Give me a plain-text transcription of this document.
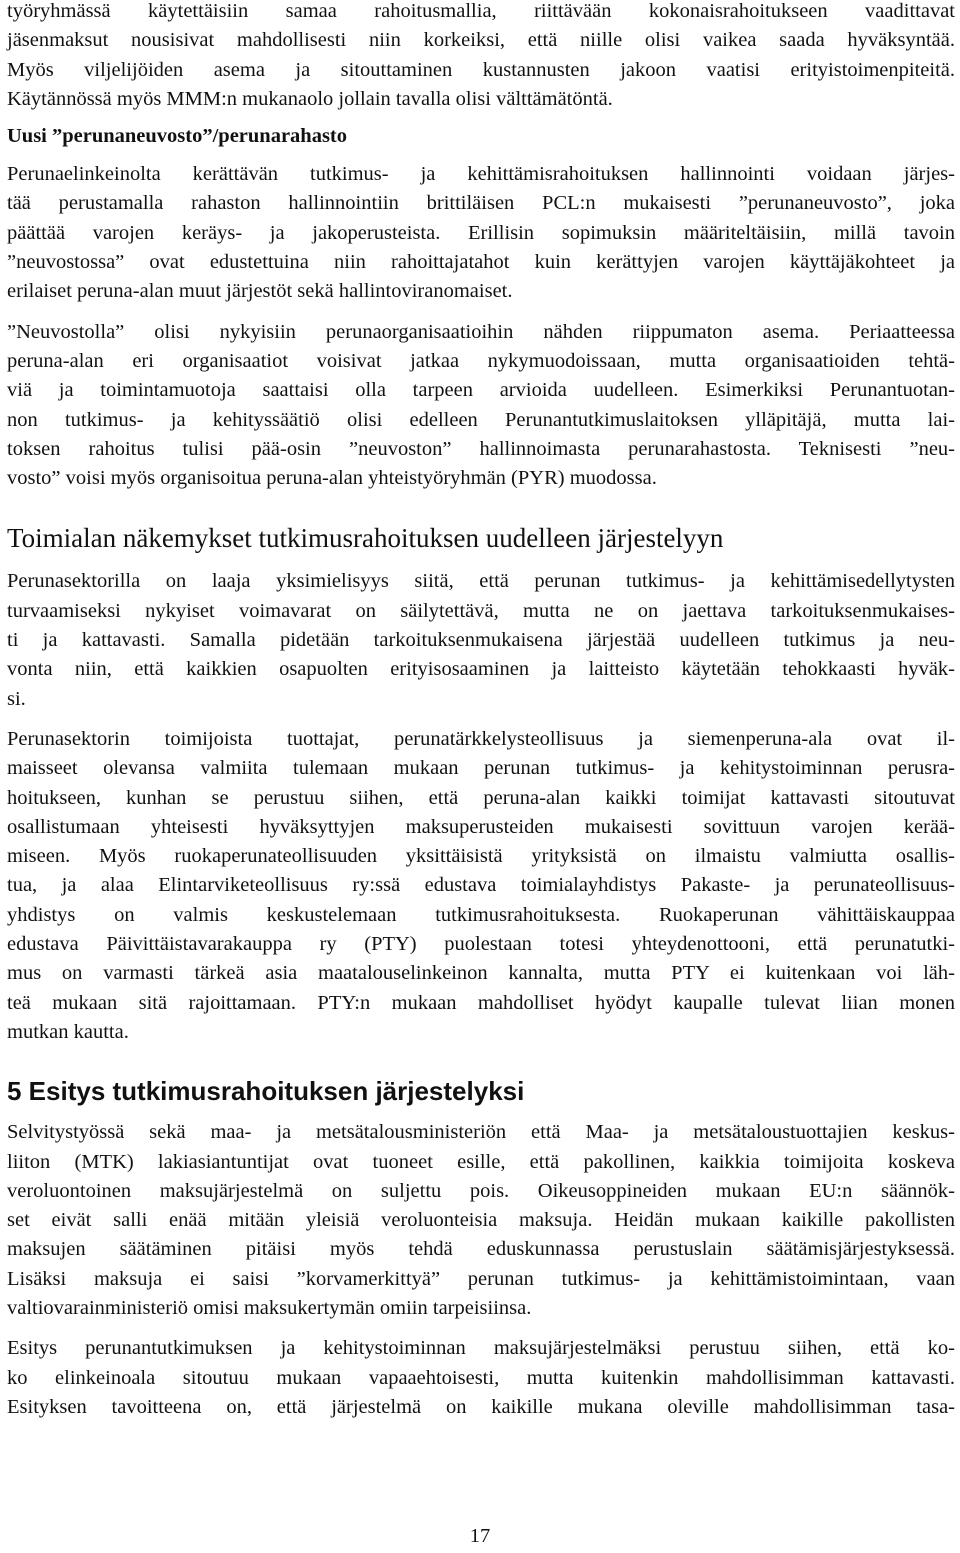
työryhmässä käytettäisiin samaa rahoitusmallia, riittävään kokonaisrahoitukseen vaadittavat
jäsenmaksut nousisivat mahdollisesti niin korkeiksi, että niille olisi vaikea saada hyväksyntää.
Myös viljelijöiden asema ja sitouttaminen kustannusten jakoon vaatisi erityistoimenpiteitä.
Käytännössä myös MMM:n mukanaolo jollain tavalla olisi välttämätöntä.
Uusi ”perunaneuvosto”/perunarahasto
Perunaelinkeinolta kerättävän tutkimus- ja kehittämisrahoituksen hallinnointi voidaan järjes-
tää perustamalla rahaston hallinnointiin brittiläisen PCL:n mukaisesti ”perunaneuvosto”, joka
päättää varojen keräys- ja jakoperusteista. Erillisin sopimuksin määriteltäisiin, millä tavoin
”neuvostossa” ovat edustettuina niin rahoittajatahot kuin kerättyjen varojen käyttäjäkohteet ja
erilaiset peruna-alan muut järjestöt sekä hallintoviranomaiset.
”Neuvostolla” olisi nykyisiin perunaorganisaatioihin nähden riippumaton asema. Periaatteessa
peruna-alan eri organisaatiot voisivat jatkaa nykymuodoissaan, mutta organisaatioiden tehtä-
viä ja toimintamuotoja saattaisi olla tarpeen arvioida uudelleen. Esimerkiksi Perunantuotan-
non tutkimus- ja kehityssäätiö olisi edelleen Perunantutkimuslaitoksen ylläpitäjä, mutta lai-
toksen rahoitus tulisi pää-osin ”neuvoston” hallinnoimasta perunarahastosta. Teknisesti ”neu-
vosto” voisi myös organisoitua peruna-alan yhteistyöryhmän (PYR) muodossa.
Toimialan näkemykset tutkimusrahoituksen uudelleen järjestelyyn
Perunasektorilla on laaja yksimielisyys siitä, että perunan tutkimus- ja kehittämisedellytysten
turvaamiseksi nykyiset voimavarat on säilytettävä, mutta ne on jaettava tarkoituksenmukaises-
ti ja kattavasti. Samalla pidetään tarkoituksenmukaisena järjestää uudelleen tutkimus ja neu-
vonta niin, että kaikkien osapuolten erityisosaaminen ja laitteisto käytetään tehokkaasti hyväk-
si.
Perunasektorin toimijoista tuottajat, perunatärkkelysteollisuus ja siemenperuna-ala ovat il-
maisseet olevansa valmiita tulemaan mukaan perunan tutkimus- ja kehitystoiminnan perusra-
hoitukseen, kunhan se perustuu siihen, että peruna-alan kaikki toimijat kattavasti sitoutuvat
osallistumaan yhteisesti hyväksyttyjen maksuperusteiden mukaisesti sovittuun varojen kerää-
miseen. Myös ruokaperunateollisuuden yksittäisistä yrityksistä on ilmaistu valmiutta osallis-
tua, ja alaa Elintarviketeollisuus ry:ssä edustava toimialayhdistys Pakaste- ja perunateollisuus-
yhdistys on valmis keskustelemaan tutkimusrahoituksesta. Ruokaperunan vähittäiskauppaa
edustava Päivittäistavarakauppa ry (PTY) puolestaan totesi yhteydenottooni, että perunatutki-
mus on varmasti tärkeä asia maatalouselinkeinon kannalta, mutta PTY ei kuitenkaan voi läh-
teä mukaan sitä rajoittamaan. PTY:n mukaan mahdolliset hyödyt kaupalle tulevat liian monen
mutkan kautta.
5 Esitys tutkimusrahoituksen järjestelyksi
Selvitystyössä sekä maa- ja metsätalousministeriön että Maa- ja metsätaloustuottajien keskus-
liiton (MTK) lakiasiantuntijat ovat tuoneet esille, että pakollinen, kaikkia toimijoita koskeva
veroluontoinen maksujärjestelmä on suljettu pois. Oikeusoppineiden mukaan EU:n säännök-
set eivät salli enää mitään yleisiä veroluonteisia maksuja. Heidän mukaan kaikille pakollisten
maksujen säätäminen pitäisi myös tehdä eduskunnassa perustuslain säätämisjärjestyksessä.
Lisäksi maksuja ei saisi ”korvamerkittyä” perunan tutkimus- ja kehittämistoimintaan, vaan
valtiovarainministeriö omisi maksukertymän omiin tarpeisiinsa.
Esitys perunantutkimuksen ja kehitystoiminnan maksujärjestelmäksi perustuu siihen, että ko-
ko elinkeinoala sitoutuu mukaan vapaaehtoisesti, mutta kuitenkin mahdollisimman kattavasti.
Esityksen tavoitteena on, että järjestelmä on kaikille mukana oleville mahdollisimman tasa-
17
